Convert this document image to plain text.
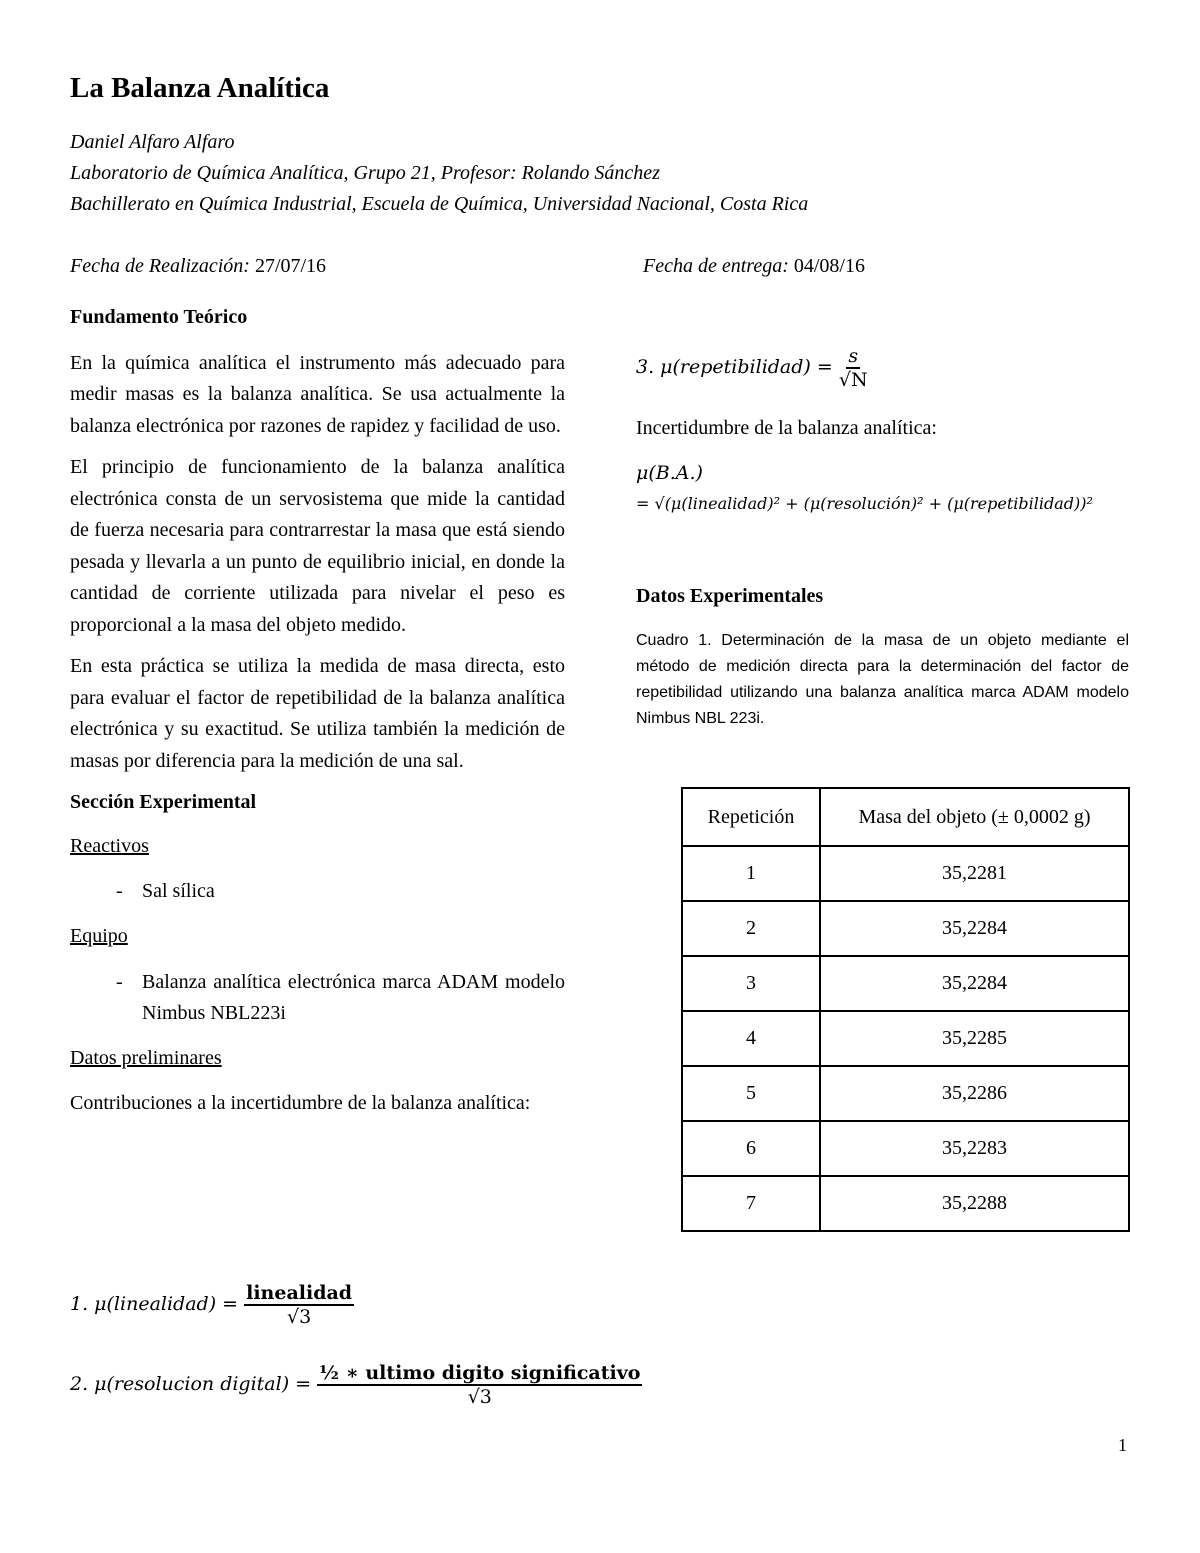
La Balanza Analítica
Daniel Alfaro Alfaro
Laboratorio de Química Analítica, Grupo 21, Profesor: Rolando Sánchez
Bachillerato en Química Industrial, Escuela de Química, Universidad Nacional, Costa Rica
Fecha de Realización: 27/07/16	Fecha de entrega: 04/08/16
Fundamento Teórico

En la química analítica el instrumento más adecuado para medir masas es la balanza analítica. Se usa actualmente la balanza electrónica por razones de rapidez y facilidad de uso.

El principio de funcionamiento de la balanza analítica electrónica consta de un servosistema que mide la cantidad de fuerza necesaria para contrarrestar la masa que está siendo pesada y llevarla a un punto de equilibrio inicial, en donde la cantidad de corriente utilizada para nivelar el peso es proporcional a la masa del objeto medido.

En esta práctica se utiliza la medida de masa directa, esto para evaluar el factor de repetibilidad de la balanza analítica electrónica y su exactitud. Se utiliza también la medición de masas por diferencia para la medición de una sal.

Sección Experimental
Reactivos
- Sal sílica
Equipo
- Balanza analítica electrónica marca ADAM modelo Nimbus NBL223i
Datos preliminares

Contribuciones a la incertidumbre de la balanza analítica:

1. μ(linealidad) = $\frac{\text{linealidad}}{√3}$
2. μ(resolucion digital) = $\frac{\text{½ ∗ ultimo digito significativo}}{√3}$
3. μ(repetibilidad) = $\frac{s}{√N}$
Incertidumbre de la balanza analítica:
μ(B.A.)
= √(μ(linealidad)² + (μ(resolución)² + (μ(repetibilidad))²
Datos Experimentales
Cuadro 1. Determinación de la masa de un objeto mediante el método de medición directa para la determinación del factor de repetibilidad utilizando una balanza analítica marca ADAM modelo Nimbus NBL 223i.
Repetición	Masa del objeto (± 0,0002 g)
1	35,2281
2	35,2284
3	35,2284
4	35,2285
5	35,2286
6	35,2283
7	35,2288
1
